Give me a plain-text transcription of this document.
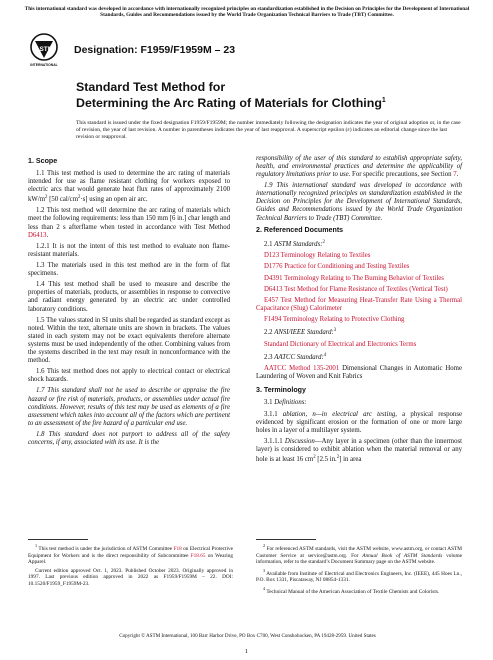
This international standard was developed in accordance with internationally recognized principles on standardization established in the Decision on Principles for the Development of International Standards, Guides and Recommendations issued by the World Trade Organization Technical Barriers to Trade (TBT) Committee.
ASTM
INTERNATIONAL
Designation: F1959/F1959M – 23
Standard Test Method for
Determining the Arc Rating of Materials for Clothing$^1$
This standard is issued under the fixed designation F1959/F1959M; the number immediately following the designation indicates the year of original adoption or, in the case of revision, the year of last revision. A number in parentheses indicates the year of last reapproval. A superscript epsilon (ε) indicates an editorial change since the last revision or reapproval.
1. Scope

1.1 This test method is used to determine the arc rating of materials intended for use as flame resistant clothing for workers exposed to electric arcs that would generate heat flux rates of approximately 2100 $kW/m^2$ [50 cal/$cm^2\cdot s$] using an open air arc.

1.2 This test method will determine the arc rating of materials which meet the following requirements: less than 150 mm [6 in.] char length and less than 2 s afterflame when tested in accordance with Test Method D6413.

1.2.1 It is not the intent of this test method to evaluate non flame-resistant materials.

1.3 The materials used in this test method are in the form of flat specimens.

1.4 This test method shall be used to measure and describe the properties of materials, products, or assemblies in response to convective and radiant energy generated by an electric arc under controlled laboratory conditions.

1.5 The values stated in SI units shall be regarded as standard except as noted. Within the text, alternate units are shown in brackets. The values stated in each system may not be exact equivalents therefore alternate systems must be used independently of the other. Combining values from the systems described in the text may result in nonconformance with the method.

1.6 This test method does not apply to electrical contact or electrical shock hazards.

1.7 This standard shall not be used to describe or appraise the fire hazard or fire risk of materials, products, or assemblies under actual fire conditions. However, results of this test may be used as elements of a fire assessment which takes into account all of the factors which are pertinent to an assessment of the fire hazard of a particular end use.

1.8 This standard does not purport to address all of the safety concerns, if any, associated with its use. It is the

responsibility of the user of this standard to establish appropriate safety, health, and environmental practices and determine the applicability of regulatory limitations prior to use. For specific precautions, see Section 7.

1.9 This international standard was developed in accordance with internationally recognized principles on standardization established in the Decision on Principles for the Development of International Standards, Guides and Recommendations issued by the World Trade Organization Technical Barriers to Trade (TBT) Committee.

2. Referenced Documents

2.1 ASTM Standards:$^2$

D123 Terminology Relating to Textiles

D1776 Practice for Conditioning and Testing Textiles

D4391 Terminology Relating to The Burning Behavior of Textiles

D6413 Test Method for Flame Resistance of Textiles (Vertical Test)

E457 Test Method for Measuring Heat-Transfer Rate Using a Thermal Capacitance (Slug) Calorimeter

F1494 Terminology Relating to Protective Clothing

2.2 ANSI/IEEE Standard:$^3$

Standard Dictionary of Electrical and Electronics Terms

2.3 AATCC Standard:$^4$

AATCC Method 135-2001 Dimensional Changes in Automatic Home Laundering of Woven and Knit Fabrics

3. Terminology

3.1 Definitions:

3.1.1 ablation, n—in electrical arc testing, a physical response evidenced by significant erosion or the formation of one or more large holes in a layer of a multilayer system.

3.1.1.1 Discussion—Any layer in a specimen (other than the innermost layer) is considered to exhibit ablation when the material removal or any hole is at least 16 $cm^2$ [2.5 in.$^2$] in area

$^1$ This test method is under the jurisdiction of ASTM Committee F18 on Electrical Protective Equipment for Workers and is the direct responsibility of Subcommittee F18.65 on Wearing Apparel.

Current edition approved Oct. 1, 2023. Published October 2023. Originally approved in 1997. Last previous edition approved in 2022 as F1959/F1959M – 22. DOI: 10.1520/F1959_F1959M-23.

$^2$ For referenced ASTM standards, visit the ASTM website, www.astm.org, or contact ASTM Customer Service at service@astm.org. For Annual Book of ASTM Standards volume information, refer to the standard’s Document Summary page on the ASTM website.

$^3$ Available from Institute of Electrical and Electronics Engineers, Inc. (IEEE), 445 Hoes Ln., P.O. Box 1331, Piscataway, NJ 08854-1331.

$^4$ Technical Manual of the American Association of Textile Chemists and Colorists.

Copyright © ASTM International, 100 Barr Harbor Drive, PO Box C700, West Conshohocken, PA 19428-2959. United States
1
